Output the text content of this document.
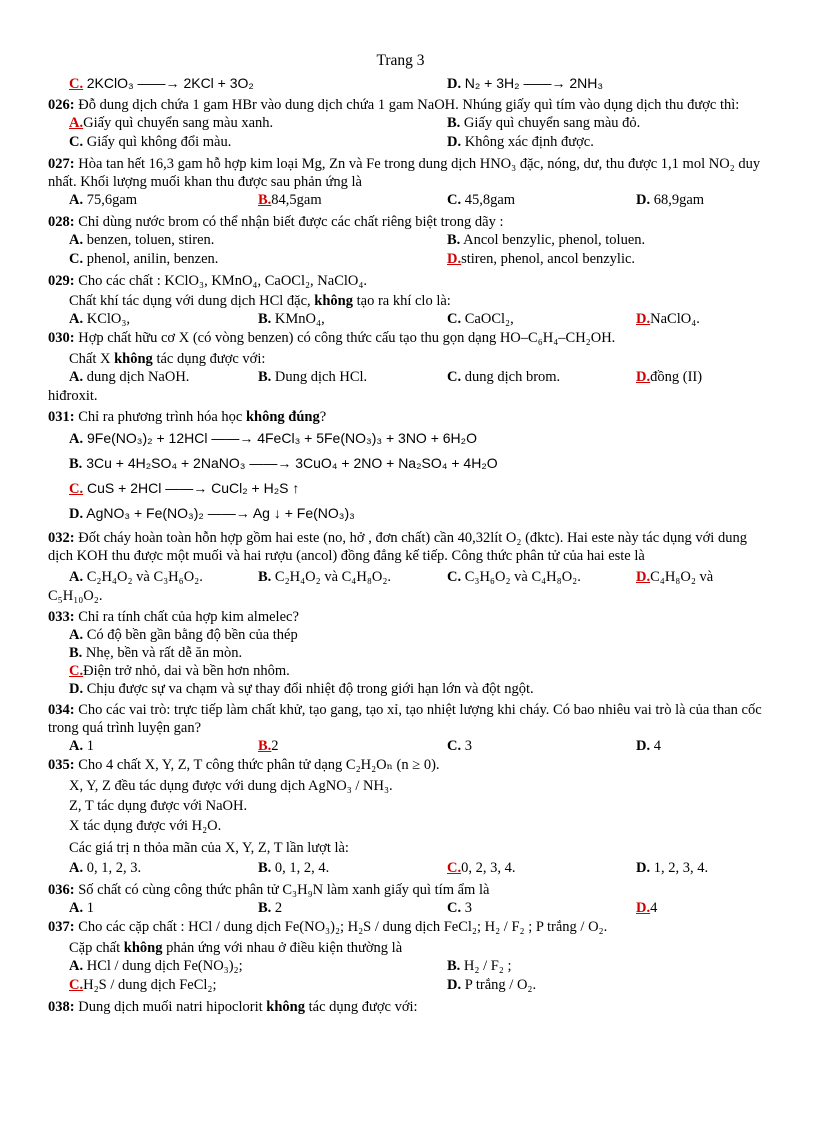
Trang 3
C. 2KClO₃ ——→ 2KCl + 3O₂	D. N₂ + 3H₂ ——→ 2NH₃
026: Đỗ dung dịch chứa 1 gam HBr vào dung dịch chứa 1 gam NaOH. Nhúng giấy quì tím vào dụng dịch thu được thì:
A.Giấy quì chuyển sang màu xanh.	B. Giấy quì chuyển sang màu đỏ.
C. Giấy quì không đổi màu.	D. Không xác định được.
027: Hòa tan hết 16,3 gam hỗ hợp kim loại Mg, Zn và Fe trong dung dịch HNO₃ đặc, nóng, dư, thu được 1,1 mol NO₂ duy nhất. Khối lượng muối khan thu được sau phản ứng là
A. 75,6gam	B.84,5gam	C. 45,8gam	D. 68,9gam
028: Chỉ dùng nước brom có thể nhận biết được các chất riêng biệt trong dãy :
A. benzen, toluen, stiren.	B. Ancol benzylic, phenol, toluen.
C. phenol, anilin, benzen.	D.stiren, phenol, ancol benzylic.
029: Cho các chất : KClO₃, KMnO₄, CaOCl₂, NaClO₄.
Chất khí tác dụng với dung dịch HCl đặc, không tạo ra khí clo là:
A. KClO₃,	B. KMnO₄,	C. CaOCl₂,	D.NaClO₄.
030: Hợp chất hữu cơ X (có vòng benzen) có công thức cấu tạo thu gọn dạng HO–C₆H₄–CH₂OH.
Chất X không tác dụng được với:
A. dung dịch NaOH.	B. Dung dịch HCl.	C. dung dịch brom.	D.đồng (II)
hiđroxit.
031: Chỉ ra phương trình hóa học không đúng?
A. 9Fe(NO₃)₂ + 12HCl ——→ 4FeCl₃ + 5Fe(NO₃)₃ + 3NO + 6H₂O
B. 3Cu + 4H₂SO₄ + 2NaNO₃ ——→ 3CuO₄ + 2NO + Na₂SO₄ + 4H₂O
C. CuS + 2HCl ——→ CuCl₂ + H₂S ↑
D. AgNO₃ + Fe(NO₃)₂ ——→ Ag ↓ + Fe(NO₃)₃
032: Đốt cháy hoàn toàn hỗn hợp gồm hai este (no, hở , đơn chất) cần 40,32lít O₂ (đktc). Hai este này tác dụng với dung dịch KOH thu được một muối và hai rượu (ancol) đồng đẳng kế tiếp. Công thức phân tử của hai este là
A. C₂H₄O₂ và C₃H₆O₂.	B. C₂H₄O₂ và C₄H₈O₂.	C. C₃H₆O₂ và C₄H₈O₂.	D.C₄H₈O₂ và
C₅H₁₀O₂.
033: Chỉ ra tính chất của hợp kim almelec?
A. Có độ bền gần bằng độ bền của thép
B. Nhẹ, bền và rất dễ ăn mòn.
C.Điện trở nhỏ, dai và bền hơn nhôm.
D. Chịu được sự va chạm và sự thay đổi nhiệt độ trong giới hạn lớn và đột ngột.
034: Cho các vai trò: trực tiếp làm chất khử, tạo gang, tạo xỉ, tạo nhiệt lượng khi cháy. Có bao nhiêu vai trò là của than cốc trong quá trình luyện gan?
A. 1	B.2	C. 3	D. 4
035: Cho 4 chất X, Y, Z, T công thức phân tử dạng C₂H₂Oₙ (n ≥ 0).
X, Y, Z đều tác dụng được với dung dịch AgNO₃ / NH₃.
Z, T tác dụng được với NaOH.
X tác dụng được với H₂O.
Các giá trị n thỏa mãn của X, Y, Z, T lần lượt là:
A. 0, 1, 2, 3.	B. 0, 1, 2, 4.	C.0, 2, 3, 4.	D. 1, 2, 3, 4.
036: Số chất có cùng công thức phân tử C₃H₉N làm xanh giấy quì tím ẩm là
A. 1	B. 2	C. 3	D.4
037: Cho các cặp chất : HCl / dung dịch Fe(NO₃)₂; H₂S / dung dịch FeCl₂; H₂ / F₂ ; P trắng / O₂.
Cặp chất không phản ứng với nhau ở điều kiện thường là
A. HCl / dung dịch Fe(NO₃)₂;	B. H₂ / F₂ ;
C.H₂S / dung dịch FeCl₂;	D. P trắng / O₂.
038: Dung dịch muối natri hipoclorit không tác dụng được với:
